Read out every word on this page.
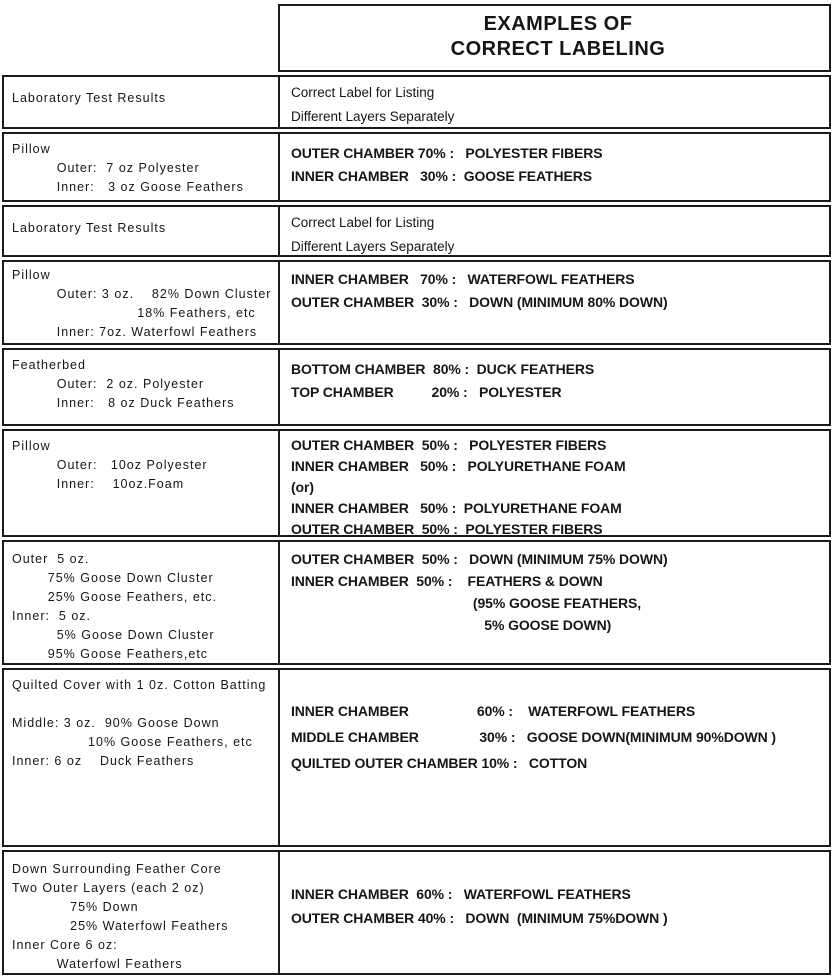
EXAMPLES OF
CORRECT LABELING
Laboratory Test Results	Correct Label for Listing
Different Layers Separately
Pillow
Outer:  7 oz Polyester
Inner:   3 oz Goose Feathers
OUTER CHAMBER 70% :   POLYESTER FIBERS
INNER CHAMBER   30% :  GOOSE FEATHERS
Laboratory Test Results	Correct Label for Listing
Different Layers Separately
Pillow
Outer: 3 oz.    82% Down Cluster
18% Feathers, etc
Inner: 7oz. Waterfowl Feathers
INNER CHAMBER   70% :   WATERFOWL FEATHERS
OUTER CHAMBER  30% :   DOWN (MINIMUM 80% DOWN)
Featherbed
Outer:  2 oz. Polyester
Inner:   8 oz Duck Feathers
BOTTOM CHAMBER  80% :  DUCK FEATHERS
TOP CHAMBER          20% :   POLYESTER
Pillow
Outer:   10oz Polyester
Inner:    10oz.Foam
OUTER CHAMBER  50% :   POLYESTER FIBERS
INNER CHAMBER   50% :   POLYURETHANE FOAM
(or)
INNER CHAMBER   50% :  POLYURETHANE FOAM
OUTER CHAMBER  50% :  POLYESTER FIBERS
Outer  5 oz.
75% Goose Down Cluster
25% Goose Feathers, etc.
Inner:  5 oz.
5% Goose Down Cluster
95% Goose Feathers,etc
OUTER CHAMBER  50% :   DOWN (MINIMUM 75% DOWN)
INNER CHAMBER  50% :    FEATHERS & DOWN
(95% GOOSE FEATHERS,
5% GOOSE DOWN)
Quilted Cover with 1 0z. Cotton Batting
Middle: 3 oz.  90% Goose Down
10% Goose Feathers, etc
Inner: 6 oz    Duck Feathers
INNER CHAMBER                  60% :    WATERFOWL FEATHERS
MIDDLE CHAMBER                30% :   GOOSE DOWN(MINIMUM 90%DOWN )
QUILTED OUTER CHAMBER 10% :   COTTON
Down Surrounding Feather Core
Two Outer Layers (each 2 oz)
75% Down
25% Waterfowl Feathers
Inner Core 6 oz:
Waterfowl Feathers
INNER CHAMBER  60% :   WATERFOWL FEATHERS
OUTER CHAMBER 40% :   DOWN  (MINIMUM 75%DOWN )
